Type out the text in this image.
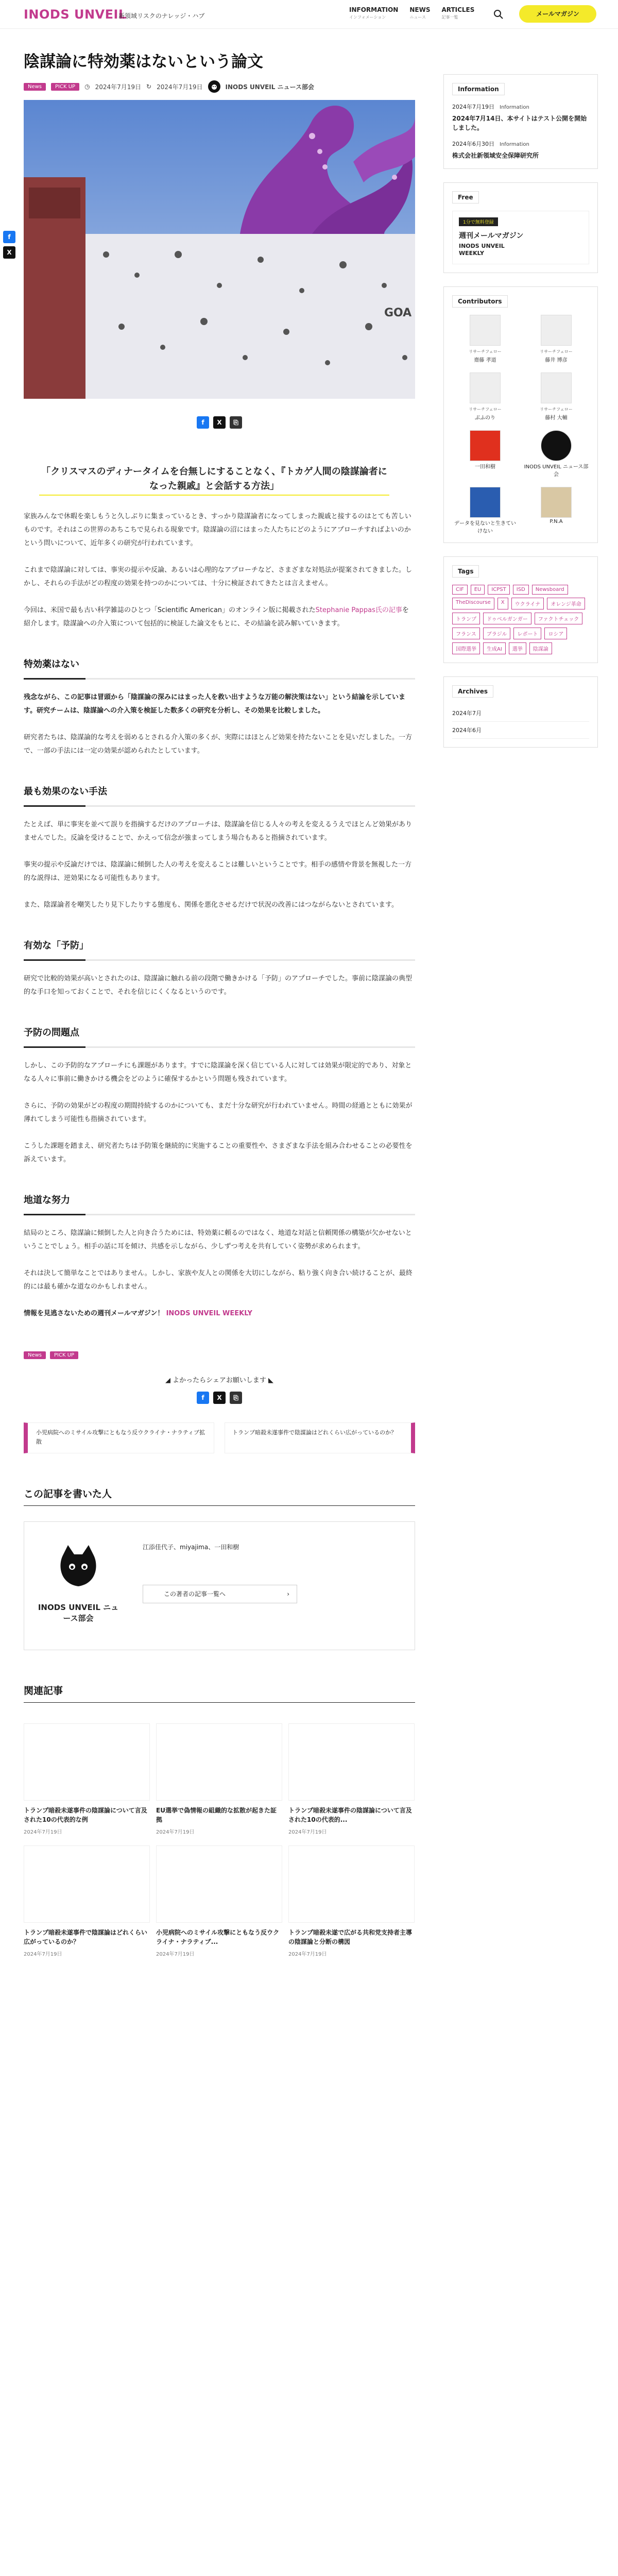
INODS UNVEIL
新領域リスクのナレッジ・ハブ
INFORMATION
インフォメーション
NEWS
ニュース
ARTICLES
記事一覧	メールマガジン
f
X
陰謀論に特効薬はないという論文
News	PICK UP	◷ 2024年7月19日 ↻ 2024年7月19日	INODS UNVEIL ニュース部会
GOA
f	X	⎘
「クリスマスのディナータイムを台無しにすることなく、『トカゲ人間の陰謀論者になった親戚』と会話する方法」

家族みんなで休暇を楽しもうと久しぶりに集まっているとき、すっかり陰謀論者になってしまった親戚と接するのはとても苦しいものです。それはこの世界のあちこちで見られる現象です。陰謀論の沼にはまった人たちにどのようにアプローチすればよいのかという問いについて、近年多くの研究が行われています。

これまで陰謀論に対しては、事実の提示や反論、あるいは心理的なアプローチなど、さまざまな対処法が提案されてきました。しかし、それらの手法がどの程度の効果を持つのかについては、十分に検証されてきたとは言えません。

今回は、米国で最も古い科学雑誌のひとつ「Scientific American」のオンライン版に掲載されたStephanie Pappas氏の記事を紹介します。陰謀論への介入策について包括的に検証した論文をもとに、その結論を読み解いていきます。

特効薬はない

残念ながら、この記事は冒頭から「陰謀論の深みにはまった人を救い出すような万能の解決策はない」という結論を示しています。研究チームは、陰謀論への介入策を検証した数多くの研究を分析し、その効果を比較しました。

研究者たちは、陰謀論的な考えを弱めるとされる介入策の多くが、実際にはほとんど効果を持たないことを見いだしました。一方で、一部の手法には一定の効果が認められたとしています。

最も効果のない手法

たとえば、単に事実を並べて誤りを指摘するだけのアプローチは、陰謀論を信じる人々の考えを変えるうえでほとんど効果がありませんでした。反論を受けることで、かえって信念が強まってしまう場合もあると指摘されています。

事実の提示や反論だけでは、陰謀論に傾倒した人の考えを変えることは難しいということです。相手の感情や背景を無視した一方的な説得は、逆効果になる可能性もあります。

また、陰謀論者を嘲笑したり見下したりする態度も、関係を悪化させるだけで状況の改善にはつながらないとされています。

有効な「予防」

研究で比較的効果が高いとされたのは、陰謀論に触れる前の段階で働きかける「予防」のアプローチでした。事前に陰謀論の典型的な手口を知っておくことで、それを信じにくくなるというのです。

予防の問題点

しかし、この予防的なアプローチにも課題があります。すでに陰謀論を深く信じている人に対しては効果が限定的であり、対象となる人々に事前に働きかける機会をどのように確保するかという問題も残されています。

さらに、予防の効果がどの程度の期間持続するのかについても、まだ十分な研究が行われていません。時間の経過とともに効果が薄れてしまう可能性も指摘されています。

こうした課題を踏まえ、研究者たちは予防策を継続的に実施することの重要性や、さまざまな手法を組み合わせることの必要性を訴えています。

地道な努力

結局のところ、陰謀論に傾倒した人と向き合うためには、特効薬に頼るのではなく、地道な対話と信頼関係の構築が欠かせないということでしょう。相手の話に耳を傾け、共感を示しながら、少しずつ考えを共有していく姿勢が求められます。

それは決して簡単なことではありません。しかし、家族や友人との関係を大切にしながら、粘り強く向き合い続けることが、最終的には最も確かな道なのかもしれません。

情報を見逃さないための週刊メールマガジン！ INODS UNVEIL WEEKLY

News	PICK UP
◢ よかったらシェアお願いします ◣
f	X	⎘
小児病院へのミサイル攻撃にともなう反ウクライナ・ナラティブ拡散
トランプ暗殺未遂事件で陰謀論はどれくらい広がっているのか？
この記事を書いた人
INODS UNVEIL ニュース部会
江添佳代子、miyajima、一田和樹
この著者の記事一覧へ	›
関連記事
トランプ暗殺未遂事件の陰謀論について言及された10の代表的な例
2024年7月19日
EU選挙で偽情報の組織的な拡散が起きた証拠
2024年7月19日
トランプ暗殺未遂事件の陰謀論について言及された10の代表的...
2024年7月19日
トランプ暗殺未遂事件で陰謀論はどれくらい広がっているのか？
2024年7月19日
小児病院へのミサイル攻撃にともなう反ウクライナ・ナラティブ...
2024年7月19日
トランプ暗殺未遂で広がる共和党支持者主導の陰謀論と分断の構図
2024年7月19日
Information
2024年7月19日 Information
2024年7月14日、本サイトはテスト公開を開始しました。
2024年6月30日 Information
株式会社新領域安全保障研究所
Free
1分で無料登録
週刊メールマガジン
INODS UNVEIL WEEKLY
Contributors
リサーチフェロー
齋藤 孝道
リサーチフェロー
藤井 博彦
リサーチフェロー
ぶふのり
リサーチフェロー
藤村 大輔
一田和樹	INODS UNVEIL ニュース部会
データを見ないと生きていけない
P.N.A
Tags
CIF	EU	ICPST	ISD	Newsboard
TheDiscourse	X	ウクライナ	オレンジ革命
トランプ	ドゥベルガンガー	ファクトチェック
フランス	ブラジル	レポート	ロシア
国際選挙	生成AI	選挙	陰謀論
Archives
2024年7月
2024年6月
